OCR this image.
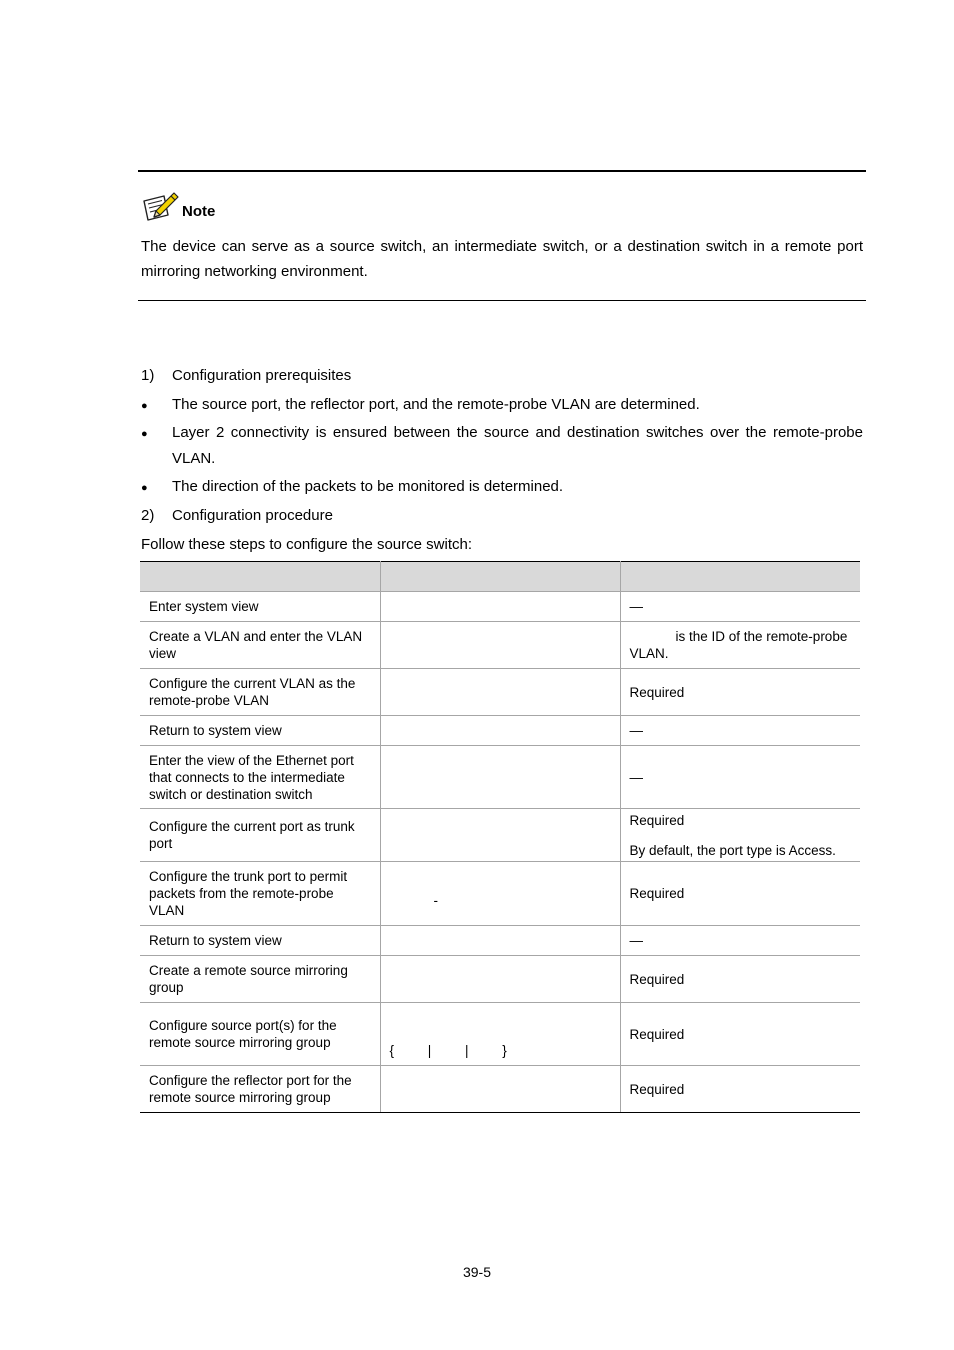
Note
The device can serve as a source switch, an intermediate switch, or a destination switch in a remote port mirroring networking environment.
1) Configuration prerequisites
● The source port, the reflector port, and the remote-probe VLAN are determined.
● Layer 2 connectivity is ensured between the source and destination switches over the remote-probe VLAN.
● The direction of the packets to be monitored is determined.
2) Configuration procedure
Follow these steps to configure the source switch:

Enter system view		—

Create a VLAN and enter the VLAN view		is the ID of the remote-probe VLAN.

Configure the current VLAN as the remote-probe VLAN		Required

Return to system view		—

Enter the view of the Ethernet port that connects to the intermediate switch or destination switch		—

Configure the current port as trunk port		Required

By default, the port type is Access.

Configure the trunk port to permit packets from the remote-probe VLAN	-	Required

Return to system view		—

Create a remote source mirroring group		Required

Configure source port(s) for the remote source mirroring group	{ | | }	Required

Configure the reflector port for the remote source mirroring group		Required

39-5
